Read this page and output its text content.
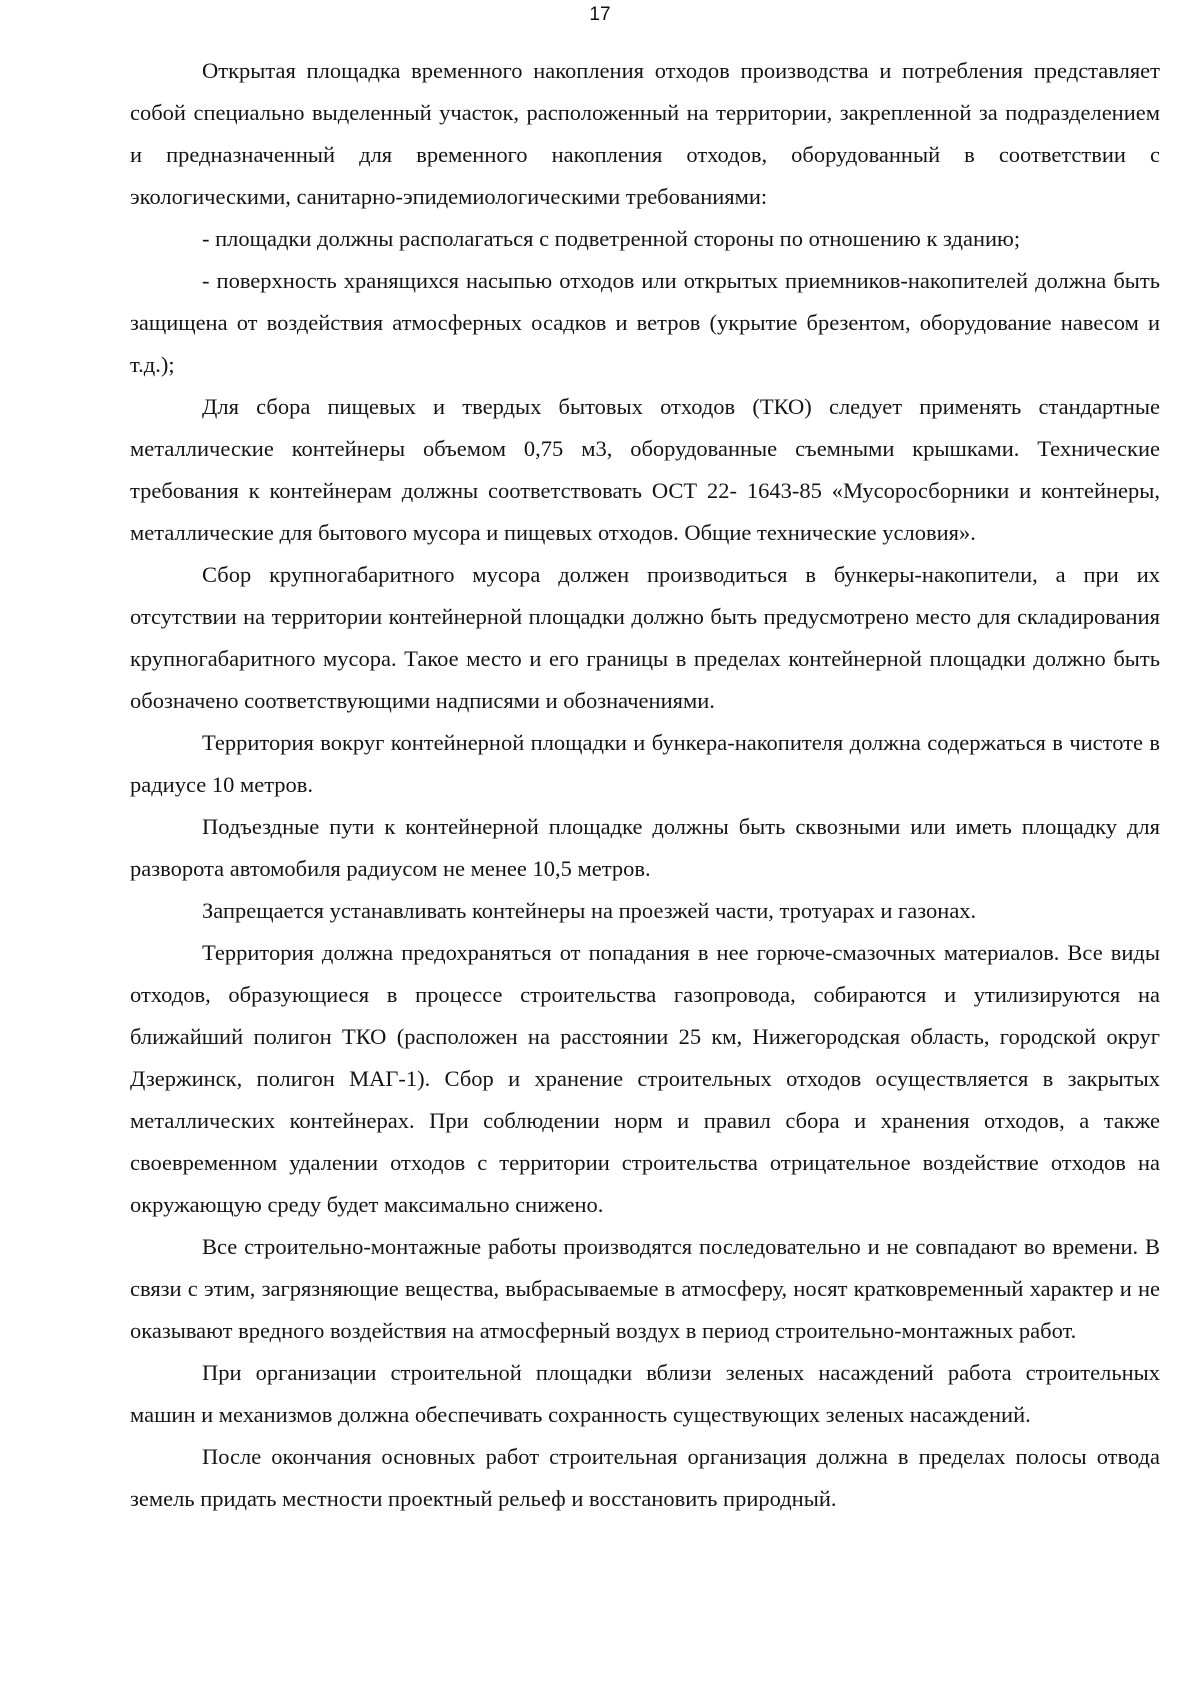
17

Открытая площадка временного накопления отходов производства и потребления представляет собой специально выделенный участок, расположенный на территории, закрепленной за подразделением и предназначенный для временного накопления отходов, оборудованный в соответствии с экологическими, санитарно-эпидемиологическими требованиями:

- площадки должны располагаться с подветренной стороны по отношению к зданию;

- поверхность хранящихся насыпью отходов или открытых приемников-накопителей должна быть защищена от воздействия атмосферных осадков и ветров (укрытие брезентом, оборудование навесом и т.д.);

Для сбора пищевых и твердых бытовых отходов (ТКО) следует применять стандартные металлические контейнеры объемом 0,75 м3, оборудованные съемными крышками. Технические требования к контейнерам должны соответствовать ОСТ 22- 1643-85 «Мусоросборники и контейнеры, металлические для бытового мусора и пищевых отходов. Общие технические условия».

Сбор крупногабаритного мусора должен производиться в бункеры-накопители, а при их отсутствии на территории контейнерной площадки должно быть предусмотрено место для складирования крупногабаритного мусора. Такое место и его границы в пределах контейнерной площадки должно быть обозначено соответствующими надписями и обозначениями.

Территория вокруг контейнерной площадки и бункера-накопителя должна содержаться в чистоте в радиусе 10 метров.

Подъездные пути к контейнерной площадке должны быть сквозными или иметь площадку для разворота автомобиля радиусом не менее 10,5 метров.

Запрещается устанавливать контейнеры на проезжей части, тротуарах и газонах.

Территория должна предохраняться от попадания в нее горюче-смазочных материалов. Все виды отходов, образующиеся в процессе строительства газопровода, собираются и утилизируются на ближайший полигон ТКО (расположен на расстоянии 25 км, Нижегородская область, городской округ Дзержинск, полигон МАГ-1). Сбор и хранение строительных отходов осуществляется в закрытых металлических контейнерах. При соблюдении норм и правил сбора и хранения отходов, а также своевременном удалении отходов с территории строительства отрицательное воздействие отходов на окружающую среду будет максимально снижено.

Все строительно-монтажные работы производятся последовательно и не совпадают во времени. В связи с этим, загрязняющие вещества, выбрасываемые в атмосферу, носят кратковременный характер и не оказывают вредного воздействия на атмосферный воздух в период строительно-монтажных работ.

При организации строительной площадки вблизи зеленых насаждений работа строительных машин и механизмов должна обеспечивать сохранность существующих зеленых насаждений.

После окончания основных работ строительная организация должна в пределах полосы отвода земель придать местности проектный рельеф и восстановить природный.
